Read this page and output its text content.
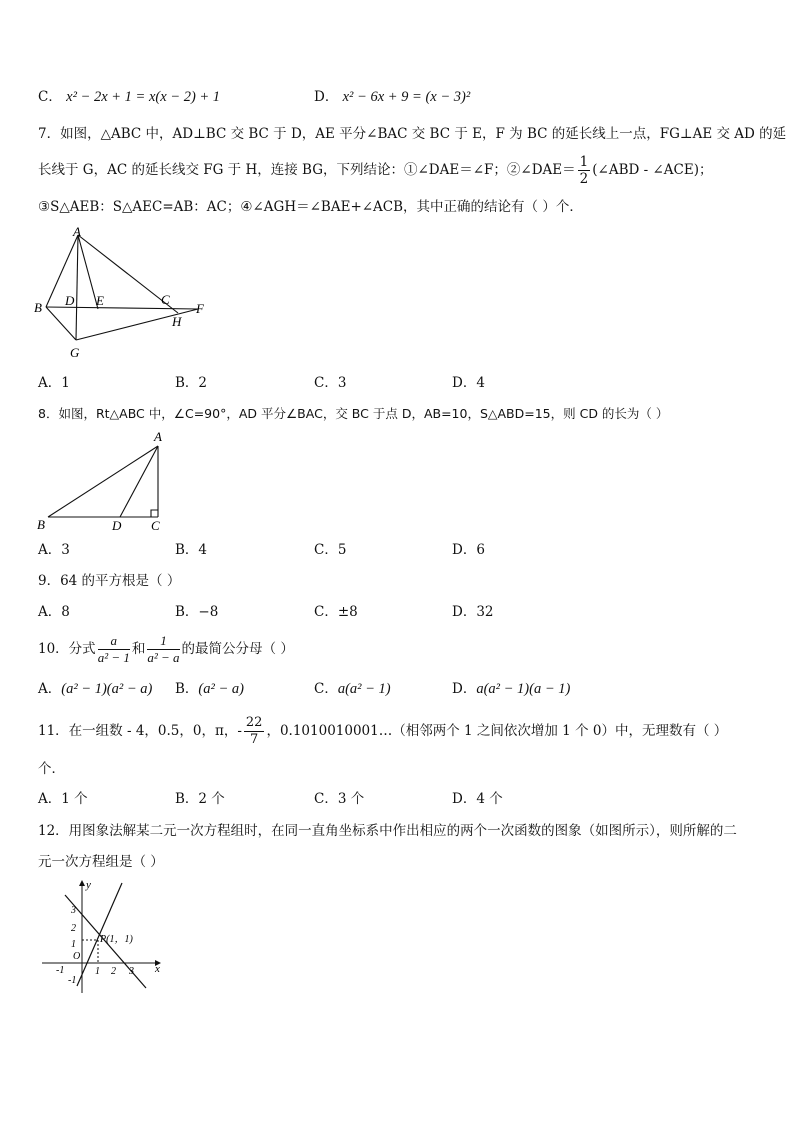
C． x² − 2x + 1 = x(x − 2) + 1	D． x² − 6x + 9 = (x − 3)²
7．如图，△ABC 中，AD⊥BC 交 BC 于 D，AE 平分∠BAC 交 BC 于 E，F 为 BC 的延长线上一点，FG⊥AE 交 AD 的延
长线于 G，AC 的延长线交 FG 于 H，连接 BG，下列结论：①∠DAE＝∠F；②∠DAE＝ $\frac{1}{2}$ (∠ABD - ∠ACE)；
③S△AEB：S△AEC=AB：AC；④∠AGH＝∠BAE+∠ACB，其中正确的结论有（ ）个．
A
B D E	C
F
H
G
A．1	B．2	C．3	D．4
8．如图，Rt△ABC 中，∠C=90°，AD 平分∠BAC，交 BC 于点 D，AB=10，S△ABD=15，则 CD 的长为（ ）
A
B	D C
A．3	B．4	C．5	D．6
9．64 的平方根是（ ）
A．8	B．−8	C．±8	D．32
10．分式 $\frac{a}{\text{a² − 1}}$ 和 $\frac{1}{\text{a² − a}}$ 的最简公分母（ ）
A．(a² − 1)(a² − a) B．(a² − a)	C．a(a² − 1)	D．a(a² − 1)(a − 1)
11．在一组数 - 4，0.5，0，π，- $\frac{22}{7}$ ，0.1010010001…（相邻两个 1 之间依次增加 1 个 0）中，无理数有（ ）
个．
A．1 个	B．2 个	C．3 个	D．4 个
12．用图象法解某二元一次方程组时，在同一直角坐标系中作出相应的两个一次函数的图象（如图所示），则所解的二
元一次方程组是（ ）
y
x
O
P(1，1)
-1	1 2 3
3
2
1
-1
